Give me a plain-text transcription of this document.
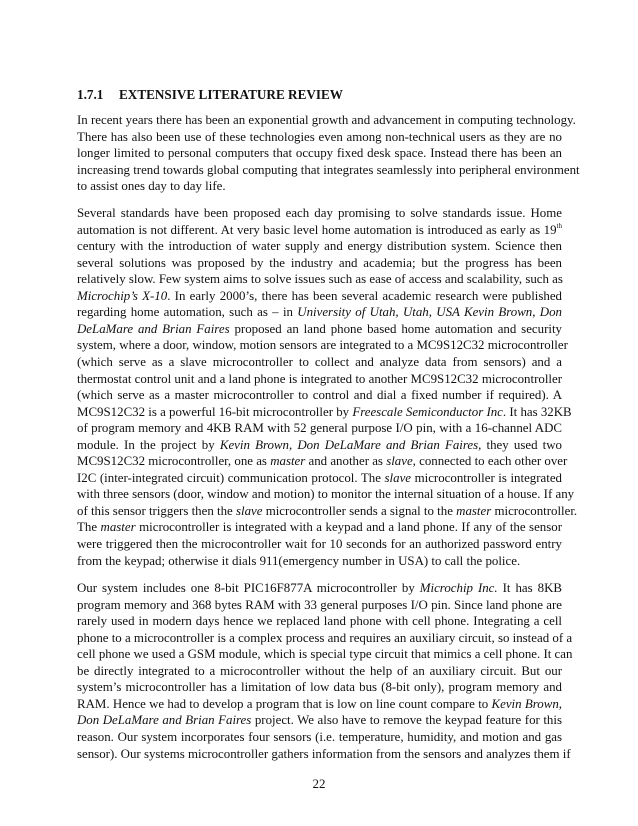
1.7.1 EXTENSIVE LITERATURE REVIEW
In recent years there has been an exponential growth and advancement in computing technology.
There has also been use of these technologies even among non-technical users as they are no
longer limited to personal computers that occupy fixed desk space. Instead there has been an
increasing trend towards global computing that integrates seamlessly into peripheral environment
to assist ones day to day life.
Several standards have been proposed each day promising to solve standards issue. Home
automation is not different. At very basic level home automation is introduced as early as 19th
century with the introduction of water supply and energy distribution system. Science then
several solutions was proposed by the industry and academia; but the progress has been
relatively slow. Few system aims to solve issues such as ease of access and scalability, such as
Microchip’s X-10. In early 2000’s, there has been several academic research were published
regarding home automation, such as – in University of Utah, Utah, USA Kevin Brown, Don
DeLaMare and Brian Faires proposed an land phone based home automation and security
system, where a door, window, motion sensors are integrated to a MC9S12C32 microcontroller
(which serve as a slave microcontroller to collect and analyze data from sensors) and a
thermostat control unit and a land phone is integrated to another MC9S12C32 microcontroller
(which serve as a master microcontroller to control and dial a fixed number if required). A
MC9S12C32 is a powerful 16-bit microcontroller by Freescale Semiconductor Inc. It has 32KB
of program memory and 4KB RAM with 52 general purpose I/O pin, with a 16-channel ADC
module. In the project by Kevin Brown, Don DeLaMare and Brian Faires, they used two
MC9S12C32 microcontroller, one as master and another as slave, connected to each other over
I2C (inter-integrated circuit) communication protocol. The slave microcontroller is integrated
with three sensors (door, window and motion) to monitor the internal situation of a house. If any
of this sensor triggers then the slave microcontroller sends a signal to the master microcontroller.
The master microcontroller is integrated with a keypad and a land phone. If any of the sensor
were triggered then the microcontroller wait for 10 seconds for an authorized password entry
from the keypad; otherwise it dials 911(emergency number in USA) to call the police.
Our system includes one 8-bit PIC16F877A microcontroller by Microchip Inc. It has 8KB
program memory and 368 bytes RAM with 33 general purposes I/O pin. Since land phone are
rarely used in modern days hence we replaced land phone with cell phone. Integrating a cell
phone to a microcontroller is a complex process and requires an auxiliary circuit, so instead of a
cell phone we used a GSM module, which is special type circuit that mimics a cell phone. It can
be directly integrated to a microcontroller without the help of an auxiliary circuit. But our
system’s microcontroller has a limitation of low data bus (8-bit only), program memory and
RAM. Hence we had to develop a program that is low on line count compare to Kevin Brown,
Don DeLaMare and Brian Faires project. We also have to remove the keypad feature for this
reason. Our system incorporates four sensors (i.e. temperature, humidity, and motion and gas
sensor). Our systems microcontroller gathers information from the sensors and analyzes them if
22
